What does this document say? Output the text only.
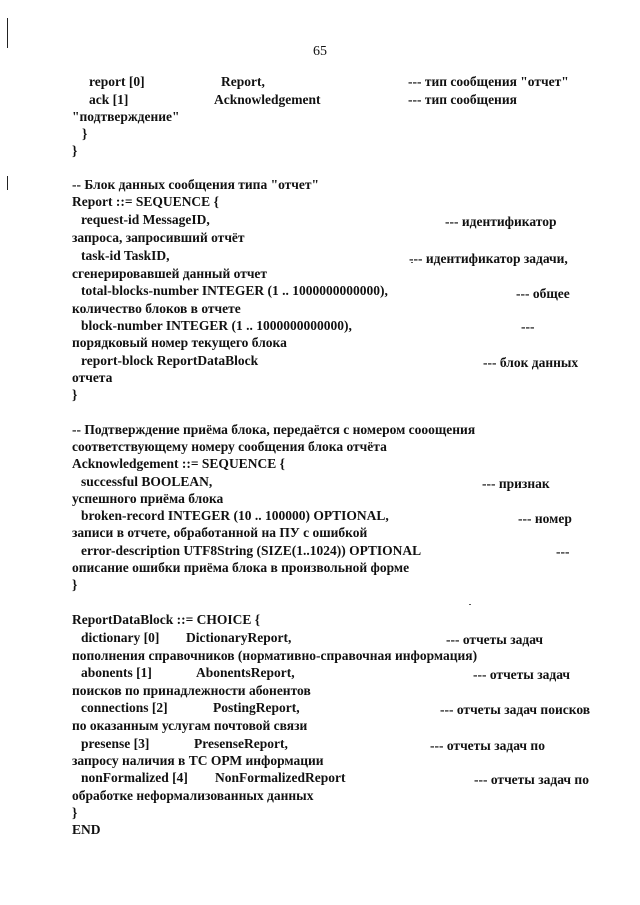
65
report [0]	Report,	--- тип сообщения "отчет"
ack [1]	Acknowledgement	--- тип сообщения
"подтверждение"
}
}
-- Блок данных сообщения типа "отчет"
Report ::= SEQUENCE {
request-id MessageID,	--- идентификатор
запроса, запросивший отчёт
task-id TaskID,	--- идентификатор задачи,
сгенерировавшей данный отчет
total-blocks-number INTEGER (1 .. 1000000000000),	--- общее
количество блоков в отчете
block-number INTEGER (1 .. 1000000000000),	---
порядковый номер текущего блока
report-block ReportDataBlock	--- блок данных
отчета
}
-- Подтверждение приёма блока, передаётся с номером сооoщения
соответствующему номеру сообщения блока отчёта
Acknowledgement ::= SEQUENCE {
successful BOOLEAN,	--- признак
успешного приёма блока
broken-record INTEGER (10 .. 100000) OPTIONAL,	--- номер
записи в отчете, обработанной на ПУ с ошибкой
error-description UTF8String (SIZE(1..1024)) OPTIONAL	---
описание ошибки приёма блока в произвольной форме
}
ReportDataBlock ::= CHOICE {
dictionary [0] DictionaryReport,	--- отчеты задач
пополнения справочников (нормативно-справочная информация)
abonents [1]	AbonentsReport,	--- отчеты задач
поисков по принадлежности абонентов
connections [2]	PostingReport,	--- отчеты задач поисков
по оказанным услугам почтовой связи
presense [3]	PresenseReport,	--- отчеты задач по
запросу наличия в ТС ОРМ информации
nonFormalized [4] NonFormalizedReport	--- отчеты задач по
обработке неформализованных данных
}
END
